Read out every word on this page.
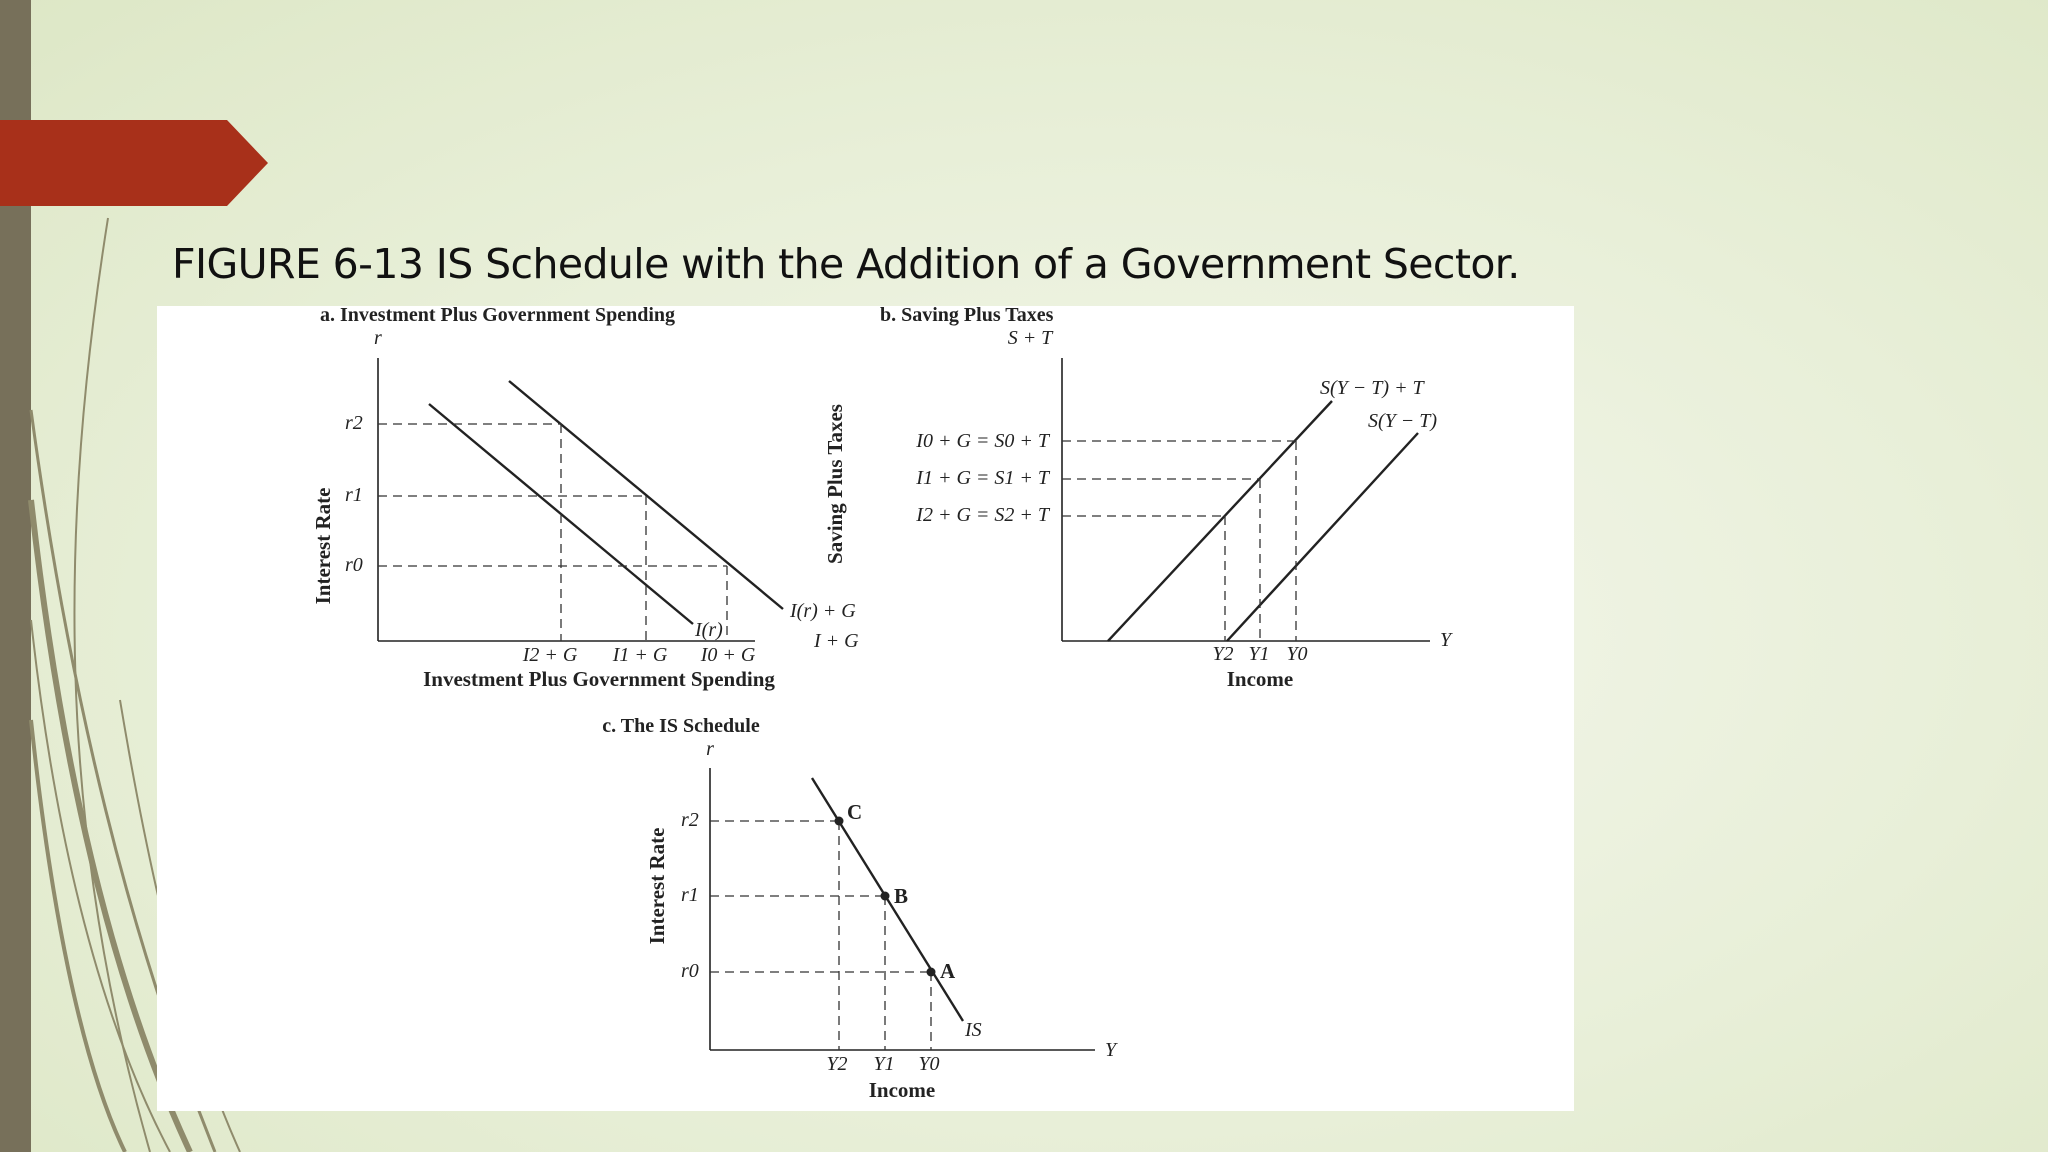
FIGURE 6-13 IS Schedule with the Addition of a Government Sector.
a. Investment Plus Government Spending
r
Interest Rate
r2
r1
r0
I2 + G I1 + G I0 + G
Investment Plus Government Spending
I(r)
I(r) + G
I + G
b. Saving Plus Taxes
S + T
Saving Plus Taxes	I0 + G = S0 + T
I1 + G = S1 + T
I2 + G = S2 + T
Y2 Y1 Y0
Income
Y
S(Y − T) + T
S(Y − T)
c. The IS Schedule
r
Interest Rate
C
B
A
IS
r2
r1
r0
Y2 Y1 Y0
Income
Y
